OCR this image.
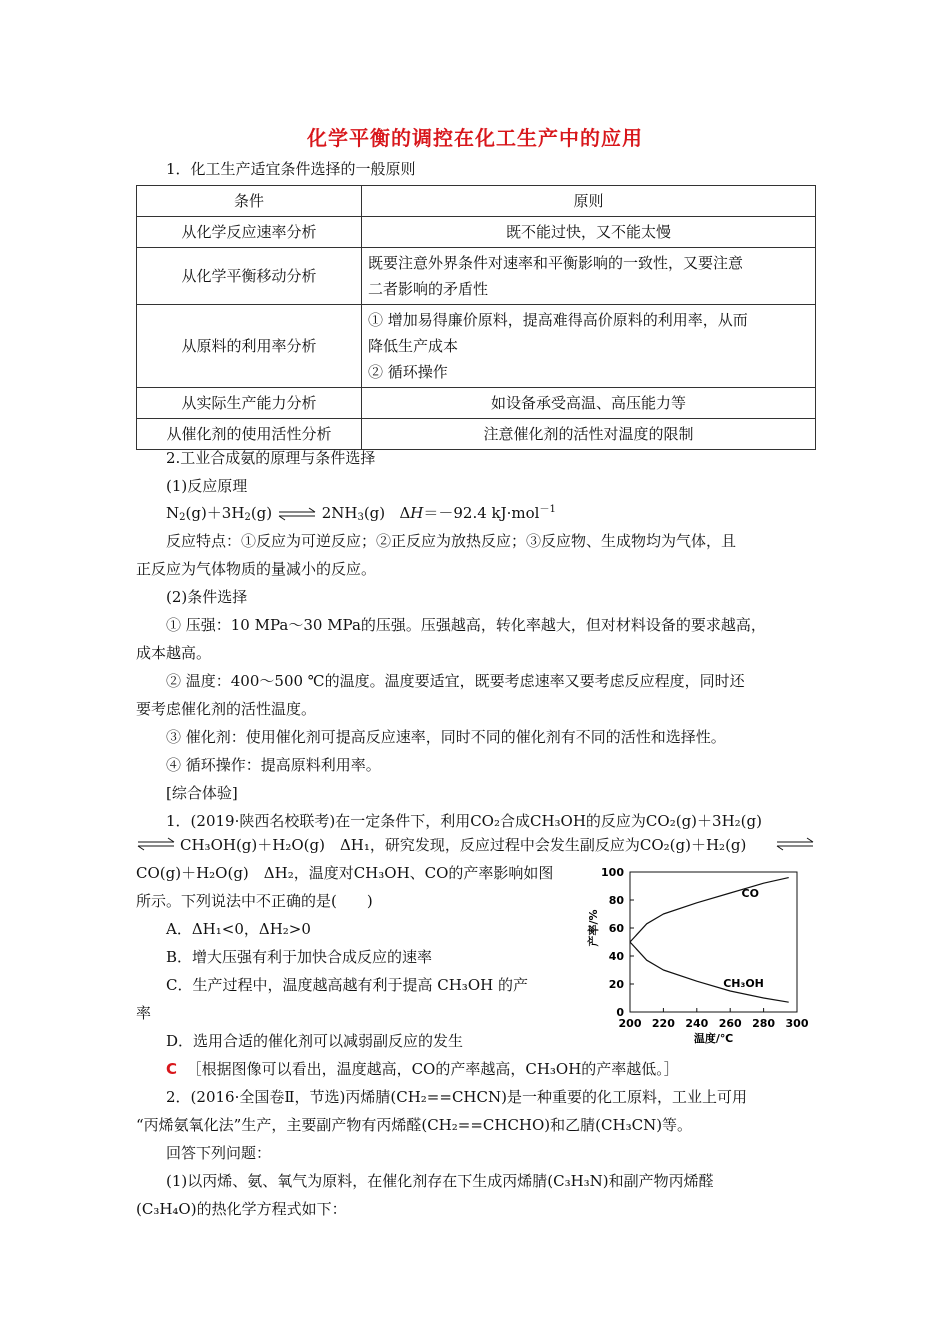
化学平衡的调控在化工生产中的应用
1．化工生产适宜条件选择的一般原则
条件	原则
从化学反应速率分析	既不能过快，又不能太慢
从化学平衡移动分析	既要注意外界条件对速率和平衡影响的一致性，又要注意
二者影响的矛盾性

从原料的利用率分析	① 增加易得廉价原料，提高难得高价原料的利用率，从而
降低生产成本
② 循环操作

从实际生产能力分析	如设备承受高温、高压能力等
从催化剂的使用活性分析	注意催化剂的活性对温度的限制
2.工业合成氨的原理与条件选择
(1)反应原理
$N_2(g)+3H_2(g)$ ⇌ $2NH_3(g)$ ΔH＝－92.4 kJ·mol$^{-1}$
反应特点：①反应为可逆反应；②正反应为放热反应；③反应物、生成物均为气体，且
正反应为气体物质的量减小的反应。
(2)条件选择
① 压强：10 MPa～30 MPa的压强。压强越高，转化率越大，但对材料设备的要求越高，
成本越高。
② 温度：400～500 ℃的温度。温度要适宜，既要考虑速率又要考虑反应程度，同时还
要考虑催化剂的活性温度。
③ 催化剂：使用催化剂可提高反应速率，同时不同的催化剂有不同的活性和选择性。
④ 循环操作：提高原料利用率。
[综合体验]
1．(2019·陕西名校联考)在一定条件下，利用CO₂合成CH₃OH的反应为CO₂(g)＋3H₂(g)
⇌ CH₃OH(g)＋H₂O(g)　ΔH₁，研究发现，反应过程中会发生副反应为CO₂(g)＋H₂(g)
CO(g)＋H₂O(g)　ΔH₂，温度对CH₃OH、CO的产率影响如图
所示。下列说法中不正确的是(　　)
A．ΔH₁<0，ΔH₂>0
B．增大压强有利于加快合成反应的速率
C．生产过程中，温度越高越有利于提高 CH₃OH 的产
率
D．选用合适的催化剂可以减弱副反应的发生
C ［根据图像可以看出，温度越高，CO的产率越高，CH₃OH的产率越低。］
2．(2016·全国卷Ⅱ，节选)丙烯腈(CH₂==CHCN)是一种重要的化工原料，工业上可用
“丙烯氨氧化法”生产，主要副产物有丙烯醛(CH₂==CHCHO)和乙腈(CH₃CN)等。
回答下列问题：
(1)以丙烯、氨、氧气为原料，在催化剂存在下生成丙烯腈(C₃H₃N)和副产物丙烯醛
(C₃H₄O)的热化学方程式如下：
0
20
40
60
80
100
200 220 240 260 280 300
温度/℃
产率/%
CO
CH₃OH
